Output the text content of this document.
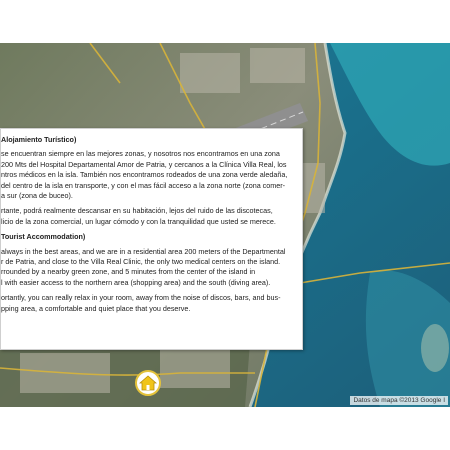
Datos de mapa ©2013 Google I
Alojamiento Turístico)
se encuentran siempre en las mejores zonas, y nosotros nos encontramos en una zona
200 Mts del Hospital Departamental Amor de Patria, y cercanos a la Clínica Villa Real, los
ntros médicos en la isla. También nos encontramos rodeados de una zona verde aledaña,
del centro de la isla en transporte, y con el mas fácil acceso a la zona norte (zona comer-
a sur (zona de buceo).
rtante, podrá realmente descansar en su habitación, lejos del ruido de las discotecas,
licio de la zona comercial, un lugar cómodo y con la tranquilidad que usted se merece.
Tourist Accommodation)
always in the best areas, and we are in a residential area 200 meters of the Departmental
r de Patria, and close to the Villa Real Clinic, the only two medical centers on the island.
rrounded by a nearby green zone, and 5 minutes from the center of the island in
l with easier access to the northern area (shopping area) and the south (diving area).
ortantly, you can really relax in your room, away from the noise of discos, bars, and bus-
pping area, a comfortable and quiet place that you deserve.
